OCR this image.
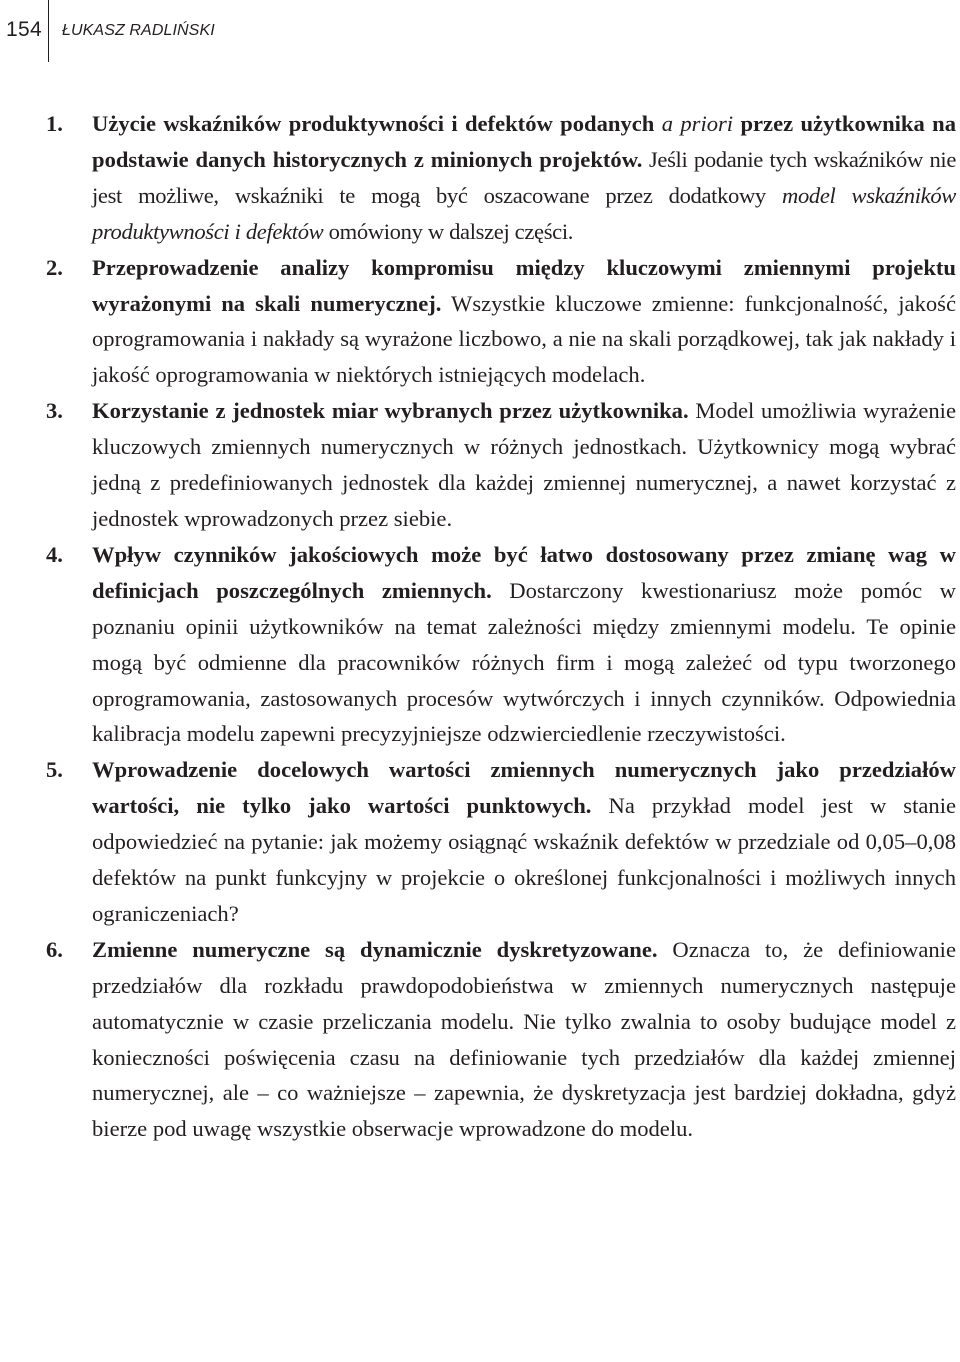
154 ŁUKASZ RADLIŃSKI
1. Użycie wskaźników produktywności i defektów podanych a priori przez użytkownika na podstawie danych historycznych z minionych projektów. Jeśli podanie tych wskaźników nie jest możliwe, wskaźniki te mogą być oszacowane przez dodatkowy model wskaźników produktywności i defektów omówiony w dalszej części.
2. Przeprowadzenie analizy kompromisu między kluczowymi zmiennymi projektu wyrażonymi na skali numerycznej. Wszystkie kluczowe zmienne: funkcjonalność, jakość oprogramowania i nakłady są wyrażone liczbowo, a nie na skali porządkowej, tak jak nakłady i jakość oprogramowania w niektórych istniejących modelach.
3. Korzystanie z jednostek miar wybranych przez użytkownika. Model umożliwia wyrażenie kluczowych zmiennych numerycznych w różnych jednostkach. Użytkownicy mogą wybrać jedną z predefiniowanych jednostek dla każdej zmiennej numerycznej, a nawet korzystać z jednostek wprowadzonych przez siebie.
4. Wpływ czynników jakościowych może być łatwo dostosowany przez zmianę wag w definicjach poszczególnych zmiennych. Dostarczony kwestionariusz może pomóc w poznaniu opinii użytkowników na temat zależności między zmiennymi modelu. Te opinie mogą być odmienne dla pracowników różnych firm i mogą zależeć od typu tworzonego oprogramowania, zastosowanych procesów wytwórczych i innych czynników. Odpowiednia kalibracja modelu zapewni precyzyjniejsze odzwierciedlenie rzeczywistości.
5. Wprowadzenie docelowych wartości zmiennych numerycznych jako przedziałów wartości, nie tylko jako wartości punktowych. Na przykład model jest w stanie odpowiedzieć na pytanie: jak możemy osiągnąć wskaźnik defektów w przedziale od 0,05–0,08 defektów na punkt funkcyjny w projekcie o określonej funkcjonalności i możliwych innych ograniczeniach?
6. Zmienne numeryczne są dynamicznie dyskretyzowane. Oznacza to, że definiowanie przedziałów dla rozkładu prawdopodobieństwa w zmiennych numerycznych następuje automatycznie w czasie przeliczania modelu. Nie tylko zwalnia to osoby budujące model z konieczności poświęcenia czasu na definiowanie tych przedziałów dla każdej zmiennej numerycznej, ale – co ważniejsze – zapewnia, że dyskretyzacja jest bardziej dokładna, gdyż bierze pod uwagę wszystkie obserwacje wprowadzone do modelu.
